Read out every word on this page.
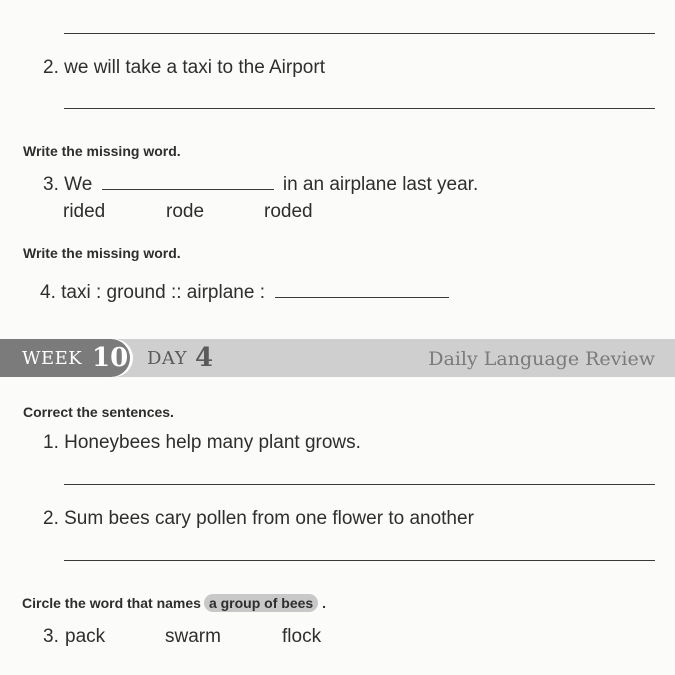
2. we will take a taxi to the Airport
Write the missing word.
3. We	in an airplane last year.
rided	rode	roded
Write the missing word.
4. taxi : ground :: airplane :
WEEK 10 DAY 4	Daily Language Review
Correct the sentences.
1. Honeybees help many plant grows.
2. Sum bees cary pollen from one flower to another
Circle the word that names a group of bees .
3. pack	swarm	flock
